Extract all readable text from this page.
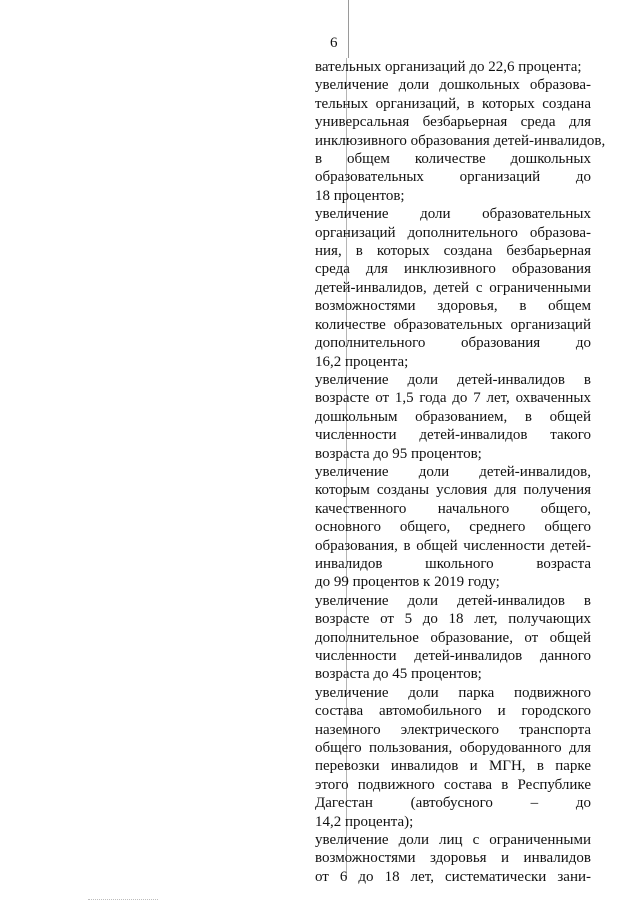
6
вательных организаций до 22,6 процента;
увеличение доли дошкольных образова-
тельных организаций, в которых создана
универсальная безбарьерная среда для
инклюзивного образования детей-инвалидов,
в общем количестве дошкольных
образовательных организаций до
18 процентов;
увеличение доли образовательных
организаций дополнительного образова-
ния, в которых создана безбарьерная
среда для инклюзивного образования
детей-инвалидов, детей с ограниченными
возможностями здоровья, в общем
количестве образовательных организаций
дополнительного образования до
16,2 процента;
увеличение доли детей-инвалидов в
возрасте от 1,5 года до 7 лет, охваченных
дошкольным образованием, в общей
численности детей-инвалидов такого
возраста до 95 процентов;
увеличение доли детей-инвалидов,
которым созданы условия для получения
качественного начального общего,
основного общего, среднего общего
образования, в общей численности детей-
инвалидов школьного возраста
до 99 процентов к 2019 году;
увеличение доли детей-инвалидов в
возрасте от 5 до 18 лет, получающих
дополнительное образование, от общей
численности детей-инвалидов данного
возраста до 45 процентов;
увеличение доли парка подвижного
состава автомобильного и городского
наземного электрического транспорта
общего пользования, оборудованного для
перевозки инвалидов и МГН, в парке
этого подвижного состава в Республике
Дагестан (автобусного – до
14,2 процента);
увеличение доли лиц с ограниченными
возможностями здоровья и инвалидов
от 6 до 18 лет, систематически зани-
